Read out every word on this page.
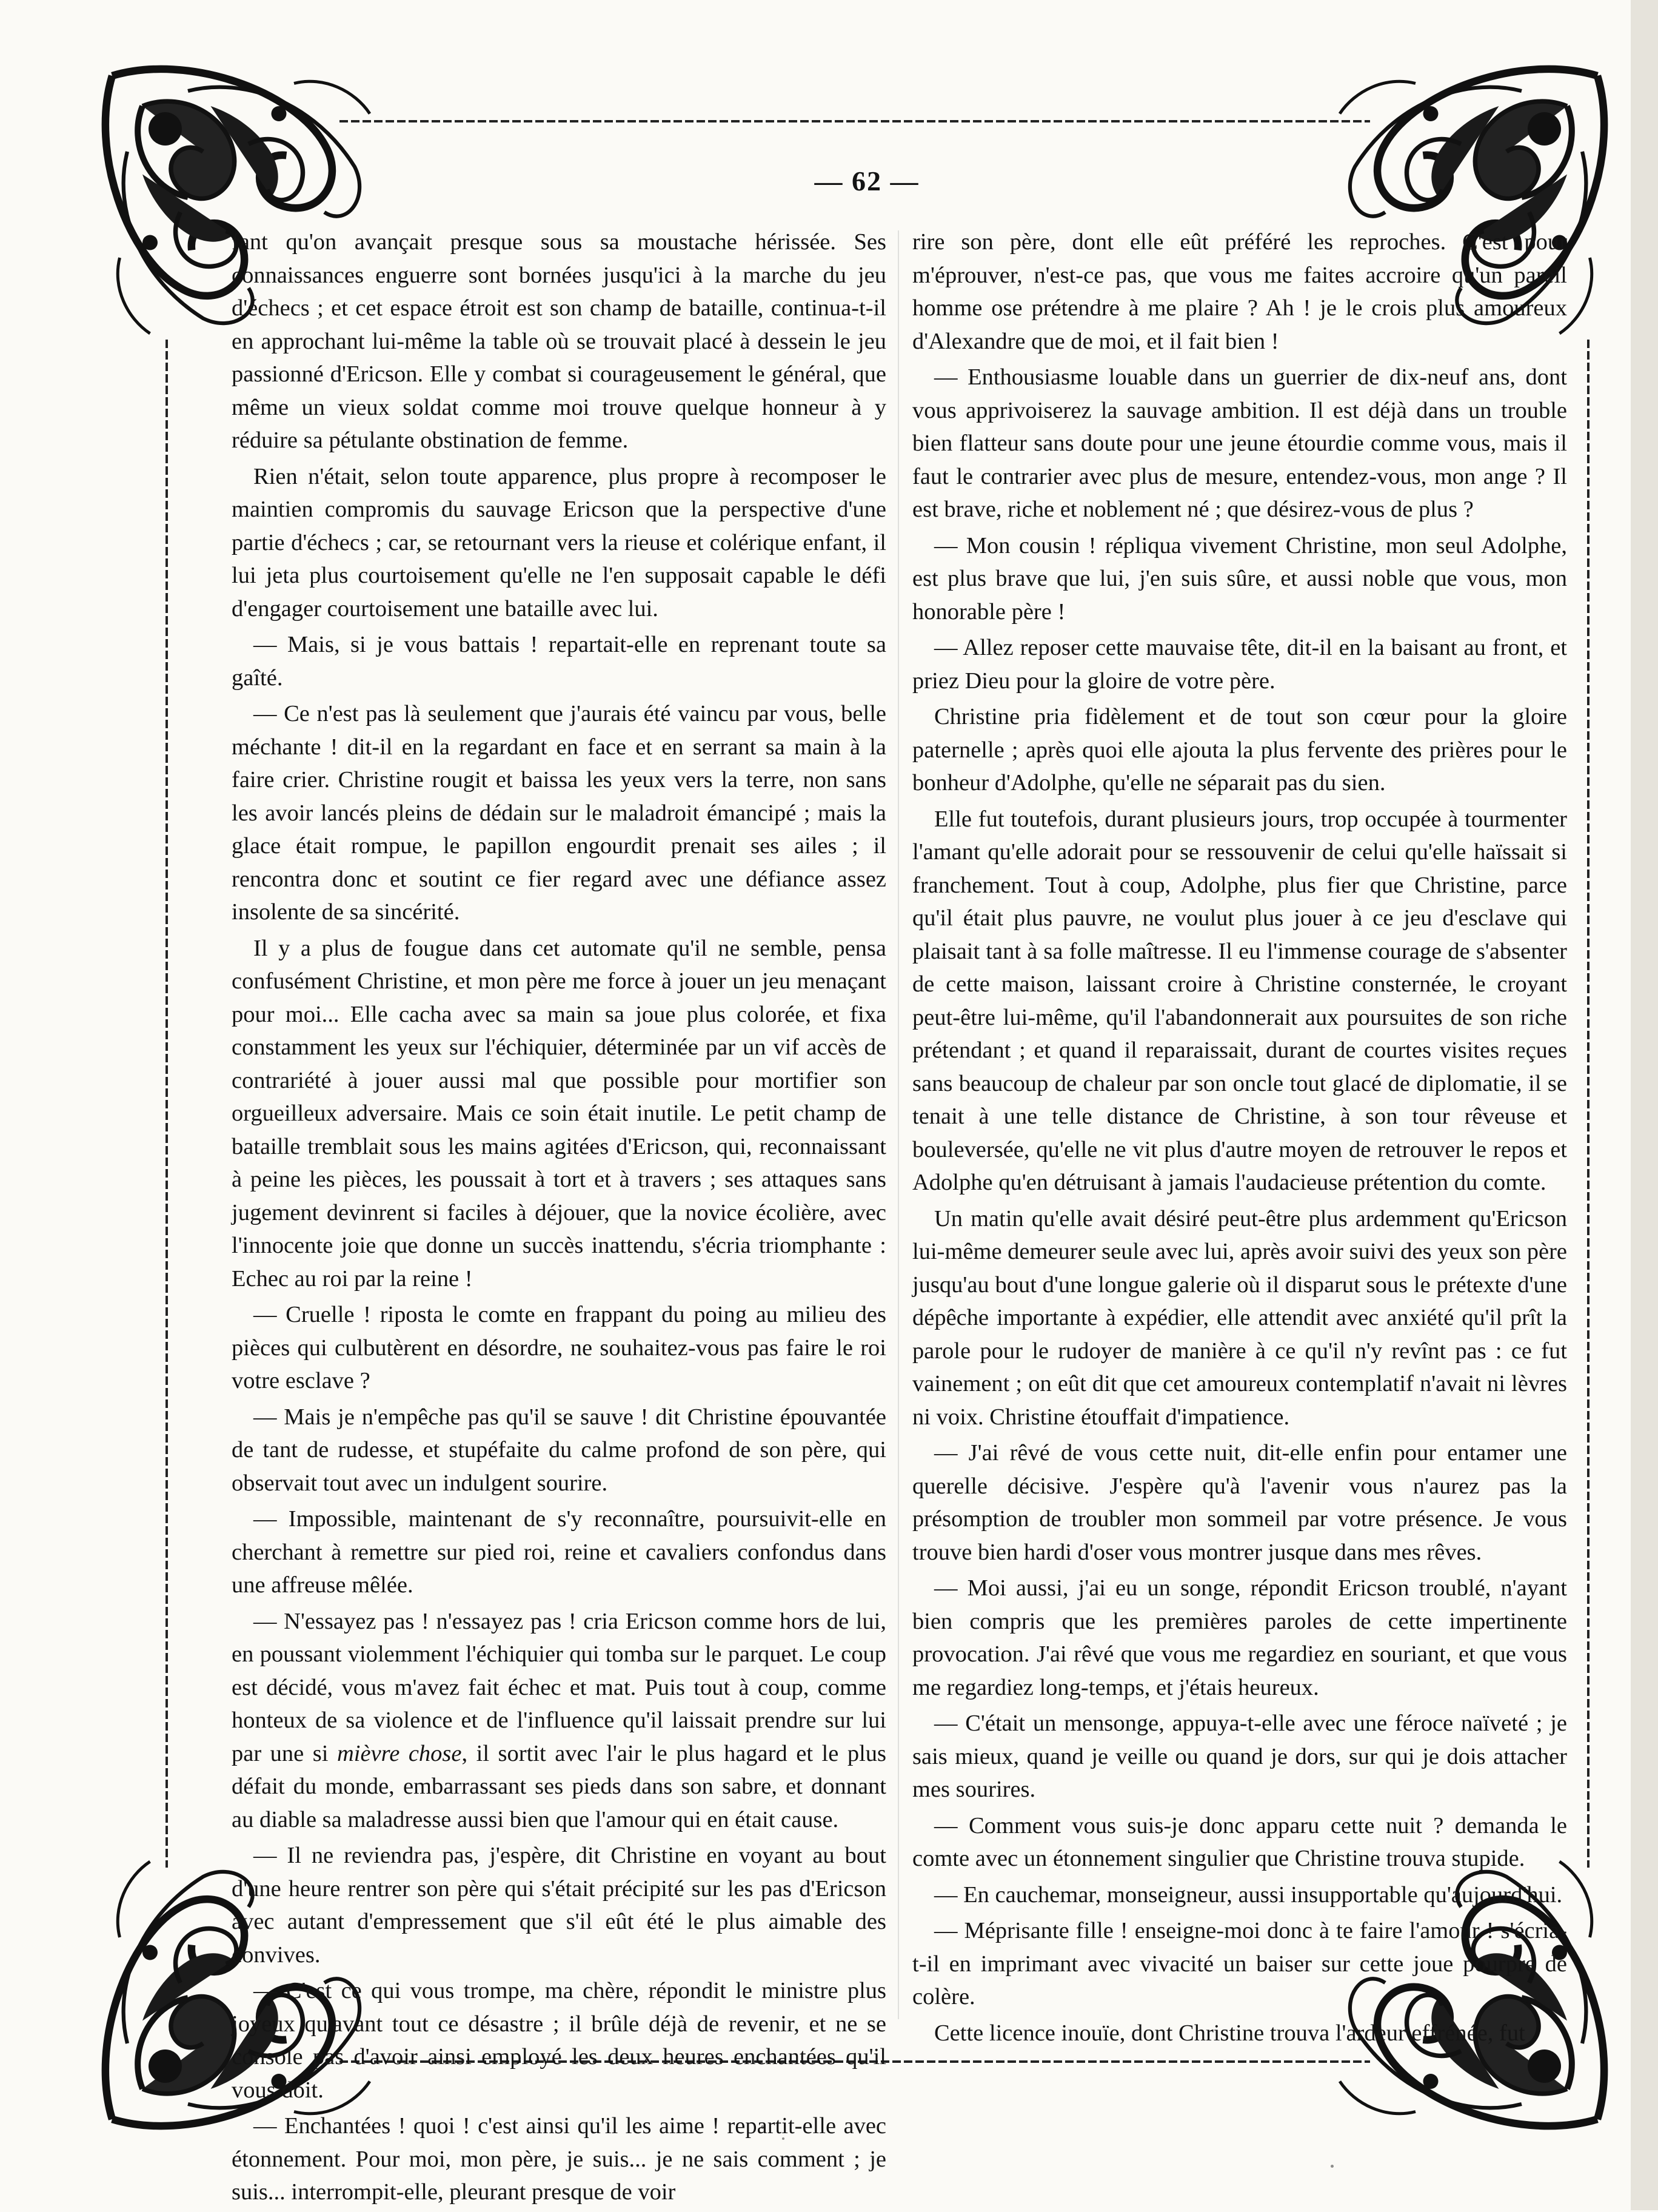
— 62 —

fant qu'on avançait presque sous sa moustache hérissée. Ses connaissances enguerre sont bornées jusqu'ici à la marche du jeu d'échecs ; et cet espace étroit est son champ de bataille, continua-t-il en approchant lui-même la table où se trouvait placé à dessein le jeu passionné d'Ericson. Elle y combat si courageusement le général, que même un vieux soldat comme moi trouve quelque honneur à y réduire sa pétulante obstination de femme.

Rien n'était, selon toute apparence, plus propre à recomposer le maintien compromis du sauvage Ericson que la perspective d'une partie d'échecs ; car, se retournant vers la rieuse et colérique enfant, il lui jeta plus courtoisement qu'elle ne l'en supposait capable le défi d'engager courtoisement une bataille avec lui.

— Mais, si je vous battais ! repartait-elle en reprenant toute sa gaîté.

— Ce n'est pas là seulement que j'aurais été vaincu par vous, belle méchante ! dit-il en la regardant en face et en serrant sa main à la faire crier. Christine rougit et baissa les yeux vers la terre, non sans les avoir lancés pleins de dédain sur le maladroit émancipé ; mais la glace était rompue, le papillon engourdit prenait ses ailes ; il rencontra donc et soutint ce fier regard avec une défiance assez insolente de sa sincérité.

Il y a plus de fougue dans cet automate qu'il ne semble, pensa confusément Christine, et mon père me force à jouer un jeu menaçant pour moi... Elle cacha avec sa main sa joue plus colorée, et fixa constamment les yeux sur l'échiquier, déterminée par un vif accès de contrariété à jouer aussi mal que possible pour mortifier son orgueilleux adversaire. Mais ce soin était inutile. Le petit champ de bataille tremblait sous les mains agitées d'Ericson, qui, reconnaissant à peine les pièces, les poussait à tort et à travers ; ses attaques sans jugement devinrent si faciles à déjouer, que la novice écolière, avec l'innocente joie que donne un succès inattendu, s'écria triomphante : Echec au roi par la reine !

— Cruelle ! riposta le comte en frappant du poing au milieu des pièces qui culbutèrent en désordre, ne souhaitez-vous pas faire le roi votre esclave ?

— Mais je n'empêche pas qu'il se sauve ! dit Christine épouvantée de tant de rudesse, et stupéfaite du calme profond de son père, qui observait tout avec un indulgent sourire.

— Impossible, maintenant de s'y reconnaître, poursuivit-elle en cherchant à remettre sur pied roi, reine et cavaliers confondus dans une affreuse mêlée.

— N'essayez pas ! n'essayez pas ! cria Ericson comme hors de lui, en poussant violemment l'échiquier qui tomba sur le parquet. Le coup est décidé, vous m'avez fait échec et mat. Puis tout à coup, comme honteux de sa violence et de l'influence qu'il laissait prendre sur lui par une si mièvre chose, il sortit avec l'air le plus hagard et le plus défait du monde, embarrassant ses pieds dans son sabre, et donnant au diable sa maladresse aussi bien que l'amour qui en était cause.

— Il ne reviendra pas, j'espère, dit Christine en voyant au bout d'une heure rentrer son père qui s'était précipité sur les pas d'Ericson avec autant d'empressement que s'il eût été le plus aimable des convives.

— C'est ce qui vous trompe, ma chère, répondit le ministre plus joyeux qu'avant tout ce désastre ; il brûle déjà de revenir, et ne se console pas d'avoir ainsi employé les deux heures enchantées qu'il vous doit.

— Enchantées ! quoi ! c'est ainsi qu'il les aime ! repartit-elle avec étonnement. Pour moi, mon père, je suis... je ne sais comment ; je suis... interrompit-elle, pleurant presque de voir

rire son père, dont elle eût préféré les reproches. C'est pour m'éprouver, n'est-ce pas, que vous me faites accroire qu'un pareil homme ose prétendre à me plaire ? Ah ! je le crois plus amoureux d'Alexandre que de moi, et il fait bien !

— Enthousiasme louable dans un guerrier de dix-neuf ans, dont vous apprivoiserez la sauvage ambition. Il est déjà dans un trouble bien flatteur sans doute pour une jeune étourdie comme vous, mais il faut le contrarier avec plus de mesure, entendez-vous, mon ange ? Il est brave, riche et noblement né ; que désirez-vous de plus ?

— Mon cousin ! répliqua vivement Christine, mon seul Adolphe, est plus brave que lui, j'en suis sûre, et aussi noble que vous, mon honorable père !

— Allez reposer cette mauvaise tête, dit-il en la baisant au front, et priez Dieu pour la gloire de votre père.

Christine pria fidèlement et de tout son cœur pour la gloire paternelle ; après quoi elle ajouta la plus fervente des prières pour le bonheur d'Adolphe, qu'elle ne séparait pas du sien.

Elle fut toutefois, durant plusieurs jours, trop occupée à tourmenter l'amant qu'elle adorait pour se ressouvenir de celui qu'elle haïssait si franchement. Tout à coup, Adolphe, plus fier que Christine, parce qu'il était plus pauvre, ne voulut plus jouer à ce jeu d'esclave qui plaisait tant à sa folle maîtresse. Il eu l'immense courage de s'absenter de cette maison, laissant croire à Christine consternée, le croyant peut-être lui-même, qu'il l'abandonnerait aux poursuites de son riche prétendant ; et quand il reparaissait, durant de courtes visites reçues sans beaucoup de chaleur par son oncle tout glacé de diplomatie, il se tenait à une telle distance de Christine, à son tour rêveuse et bouleversée, qu'elle ne vit plus d'autre moyen de retrouver le repos et Adolphe qu'en détruisant à jamais l'audacieuse prétention du comte.

Un matin qu'elle avait désiré peut-être plus ardemment qu'Ericson lui-même demeurer seule avec lui, après avoir suivi des yeux son père jusqu'au bout d'une longue galerie où il disparut sous le prétexte d'une dépêche importante à expédier, elle attendit avec anxiété qu'il prît la parole pour le rudoyer de manière à ce qu'il n'y revînt pas : ce fut vainement ; on eût dit que cet amoureux contemplatif n'avait ni lèvres ni voix. Christine étouffait d'impatience.

— J'ai rêvé de vous cette nuit, dit-elle enfin pour entamer une querelle décisive. J'espère qu'à l'avenir vous n'aurez pas la présomption de troubler mon sommeil par votre présence. Je vous trouve bien hardi d'oser vous montrer jusque dans mes rêves.

— Moi aussi, j'ai eu un songe, répondit Ericson troublé, n'ayant bien compris que les premières paroles de cette impertinente provocation. J'ai rêvé que vous me regardiez en souriant, et que vous me regardiez long-temps, et j'étais heureux.

— C'était un mensonge, appuya-t-elle avec une féroce naïveté ; je sais mieux, quand je veille ou quand je dors, sur qui je dois attacher mes sourires.

— Comment vous suis-je donc apparu cette nuit ? demanda le comte avec un étonnement singulier que Christine trouva stupide.

— En cauchemar, monseigneur, aussi insupportable qu'aujourd'hui.

— Méprisante fille ! enseigne-moi donc à te faire l'amour ! s'écria-t-il en imprimant avec vivacité un baiser sur cette joue pourpre de colère.

Cette licence inouïe, dont Christine trouva l'ardeur effrénée, fut
